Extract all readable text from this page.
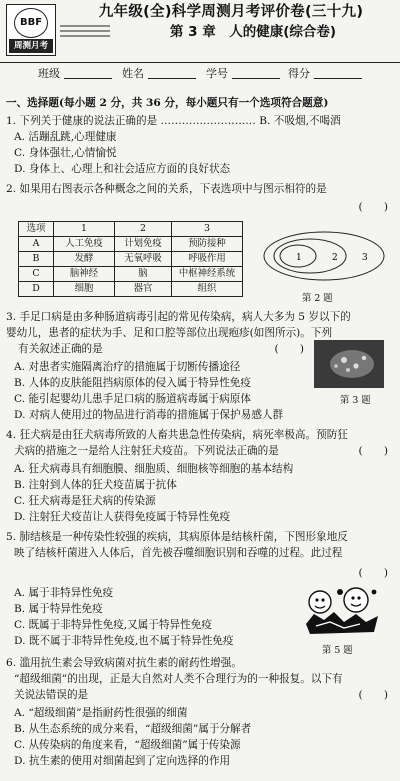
BBF
周测月考
九年级(全)科学周测月考评价卷(三十九)
第 3 章　人的健康(综合卷)
班级	姓名	学号	得分
一、选择题(每小题 2 分，共 36 分，每小题只有一个选项符合题意)
1. 下列关于健康的说法正确的是 ……………………… B. 不吸烟,不喝酒
A. 活蹦乱跳,心理健康
C. 身体强壮,心情愉悦
D. 身体上、心理上和社会适应方面的良好状态
2. 如果用右图表示各种概念之间的关系，下表选项中与图示相符的是
(　　)
选项	1	2	3
A	人工免疫	计划免疫	预防接种
B	发酵	无氧呼吸	呼吸作用
C	脑神经	脑	中枢神经系统
D	细胞	器官	组织
1	2	3
第 2 题
3. 手足口病是由多种肠道病毒引起的常见传染病，病人大多为 5 岁以下的
婴幼儿，患者的症状为手、足和口腔等部位出现疱疹(如图所示)。下列
有关叙述正确的是	(　　)
A. 对患者实施隔离治疗的措施属于切断传播途径
B. 人体的皮肤能阻挡病原体的侵入属于特异性免疫
C. 能引起婴幼儿患手足口病的肠道病毒属于病原体
D. 对病人使用过的物品进行消毒的措施属于保护易感人群
第 3 题
4. 狂犬病是由狂犬病毒所致的人畜共患急性传染病，病死率极高。预防狂
犬病的措施之一是给人注射狂犬疫苗。下列说法正确的是	(　　)
A. 狂犬病毒具有细胞膜、细胞质、细胞核等细胞的基本结构
B. 注射到人体的狂犬疫苗属于抗体
C. 狂犬病毒是狂犬病的传染源
D. 注射狂犬疫苗让人获得免疫属于特异性免疫
5. 肺结核是一种传染性较强的疾病，其病原体是结核杆菌，下图形象地反
映了结核杆菌进入人体后，首先被吞噬细胞识别和吞噬的过程。此过程
(　　)
A. 属于非特异性免疫
B. 属于特异性免疫
C. 既属于非特异性免疫,又属于特异性免疫
D. 既不属于非特异性免疫,也不属于特异性免疫
第 5 题
6. 滥用抗生素会导致病菌对抗生素的耐药性增强。
“超级细菌”的出现，正是大自然对人类不合理行为的一种报复。以下有
关说法错误的是	(　　)
A. “超级细菌”是指耐药性很强的细菌
B. 从生态系统的成分来看，“超级细菌”属于分解者
C. 从传染病的角度来看，“超级细菌”属于传染源
D. 抗生素的使用对细菌起到了定向选择的作用
